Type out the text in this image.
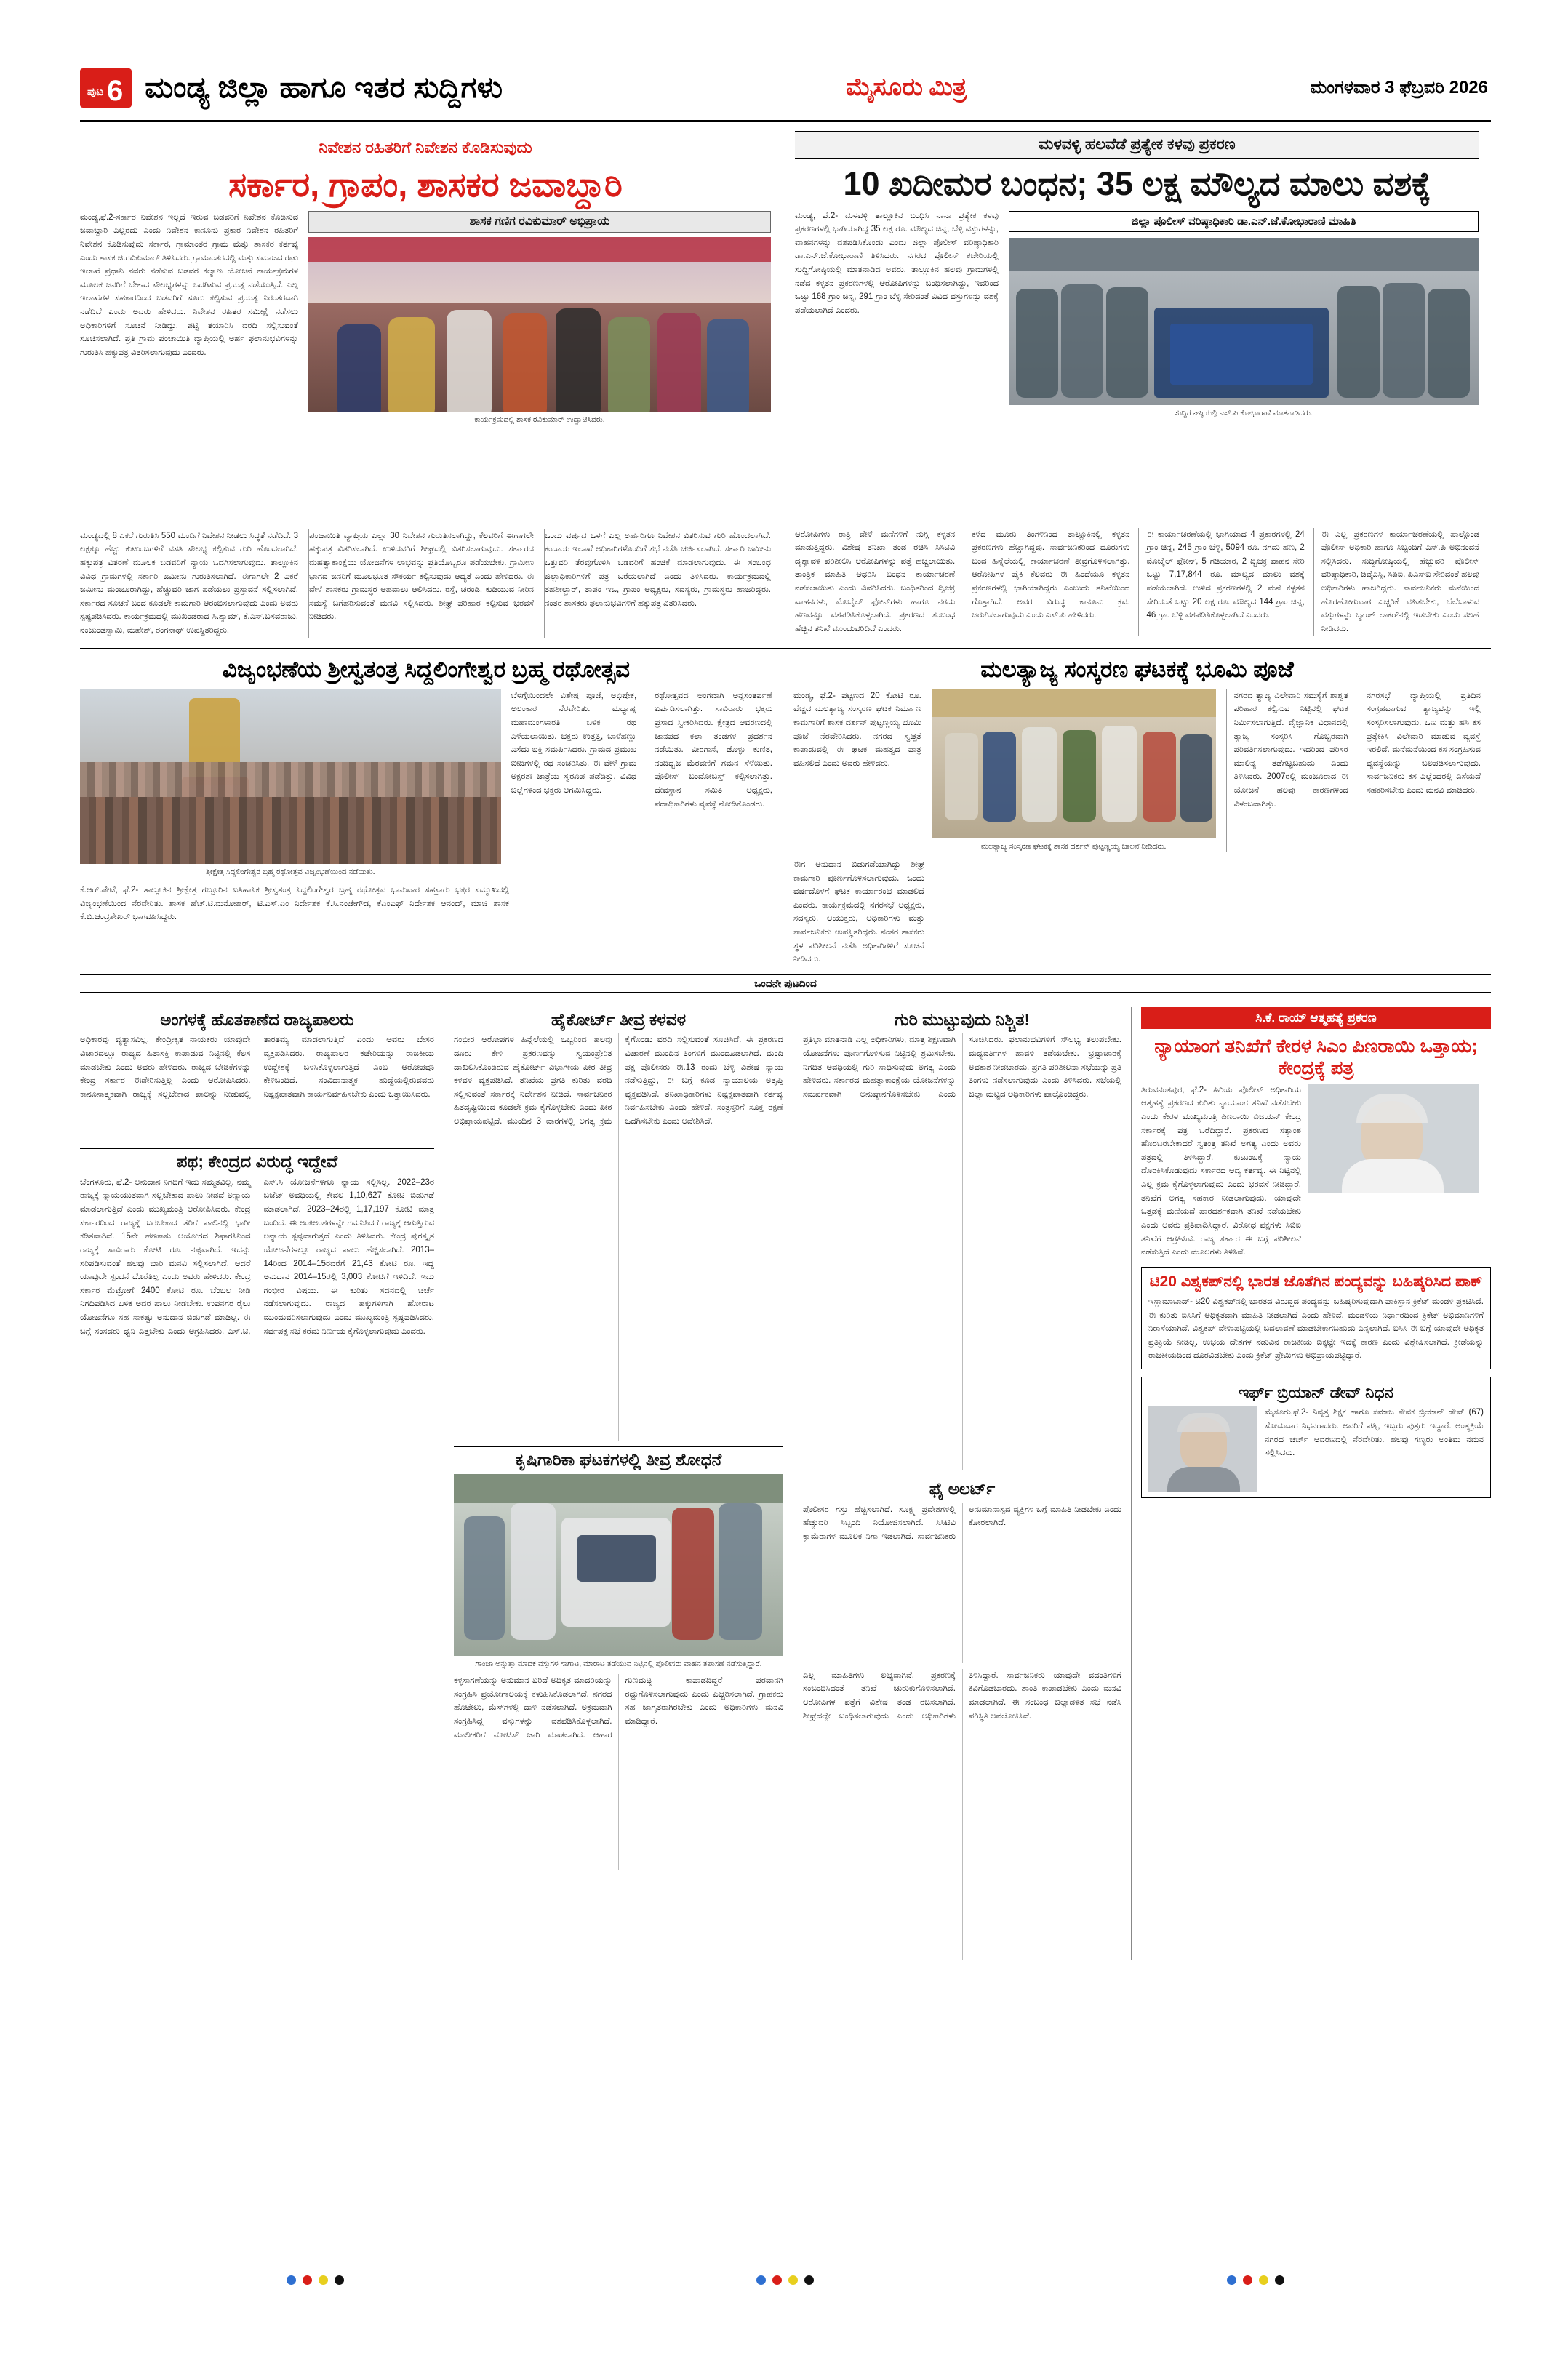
ಪುಟ 6 ಮಂಡ್ಯ ಜಿಲ್ಲಾ ಹಾಗೂ ಇತರ ಸುದ್ದಿಗಳು	ಮೈಸೂರು ಮಿತ್ರ	ಮಂಗಳವಾರ 3 ಫೆಬ್ರವರಿ 2026
ನಿವೇಶನ ರಹಿತರಿಗೆ ನಿವೇಶನ ಕೊಡಿಸುವುದು
ಸರ್ಕಾರ, ಗ್ರಾಪಂ, ಶಾಸಕರ ಜವಾಬ್ದಾರಿ
ಮಂಡ್ಯ,ಫೆ.2-ಸರ್ಕಾರ ನಿವೇಶನ ಇಲ್ಲದೆ ಇರುವ ಬಡವರಿಗೆ ನಿವೇಶನ ಕೊಡಿಸುವ ಜವಾಬ್ದಾರಿ ಎಲ್ಲರದು ಎಂದು ನಿವೇಶನ ಕಾನೂನು ಪ್ರಕಾರ ನಿವೇಶನ ರಹಿತರಿಗೆ ನಿವೇಶನ ಕೊಡಿಸುವುದು ಸರ್ಕಾರ, ಗ್ರಾಮಾಂತರ ಗ್ರಾಮ ಮತ್ತು ಶಾಸಕರ ಕರ್ತವ್ಯ ಎಂದು ಶಾಸಕ ಜಿ.ರವಿಕುಮಾರ್ ತಿಳಿಸಿದರು. ಗ್ರಾಮಾಂತರದಲ್ಲಿ ಮತ್ತು ಸಮಾಜದ ರಘು ಇಲಾಖೆ ಪ್ರಧಾನಿ ನವರು ನಡೆಸುವ ಬಡವರ ಕಲ್ಯಾಣ ಯೋಜನೆ ಕಾರ್ಯಕ್ರಮಗಳ ಮೂಲಕ ಜನರಿಗೆ ಬೇಕಾದ ಸೌಲಭ್ಯಗಳನ್ನು ಒದಗಿಸುವ ಪ್ರಯತ್ನ ನಡೆಯುತ್ತಿದೆ. ಎಲ್ಲ ಇಲಾಖೆಗಳ ಸಹಕಾರದಿಂದ ಬಡವರಿಗೆ ಸೂರು ಕಲ್ಪಿಸುವ ಪ್ರಯತ್ನ ನಿರಂತರವಾಗಿ ನಡೆದಿದೆ ಎಂದು ಅವರು ಹೇಳಿದರು. ನಿವೇಶನ ರಹಿತರ ಸಮೀಕ್ಷೆ ನಡೆಸಲು ಅಧಿಕಾರಿಗಳಿಗೆ ಸೂಚನೆ ನೀಡಿದ್ದು, ಪಟ್ಟಿ ತಯಾರಿಸಿ ವರದಿ ಸಲ್ಲಿಸುವಂತೆ ಸೂಚಿಸಲಾಗಿದೆ. ಪ್ರತಿ ಗ್ರಾಮ ಪಂಚಾಯಿತಿ ವ್ಯಾಪ್ತಿಯಲ್ಲಿ ಅರ್ಹ ಫಲಾನುಭವಿಗಳನ್ನು ಗುರುತಿಸಿ ಹಕ್ಕುಪತ್ರ ವಿತರಿಸಲಾಗುವುದು ಎಂದರು.
ಶಾಸಕ ಗಣಿಗ ರವಿಕುಮಾರ್ ಅಭಿಪ್ರಾಯ
ಕಾರ್ಯಕ್ರಮದಲ್ಲಿ ಶಾಸಕ ರವಿಕುಮಾರ್ ಉದ್ಘಾಟಿಸಿದರು.
ಮಂಡ್ಯದಲ್ಲಿ 8 ಎಕರೆ ಗುರುತಿಸಿ 550 ಮಂದಿಗೆ ನಿವೇಶನ ನೀಡಲು ಸಿದ್ಧತೆ ನಡೆದಿದೆ. 3 ಲಕ್ಷಕ್ಕೂ ಹೆಚ್ಚು ಕುಟುಂಬಗಳಿಗೆ ವಸತಿ ಸೌಲಭ್ಯ ಕಲ್ಪಿಸುವ ಗುರಿ ಹೊಂದಲಾಗಿದೆ. ಹಕ್ಕುಪತ್ರ ವಿತರಣೆ ಮೂಲಕ ಬಡವರಿಗೆ ನ್ಯಾಯ ಒದಗಿಸಲಾಗುವುದು. ತಾಲ್ಲೂಕಿನ ವಿವಿಧ ಗ್ರಾಮಗಳಲ್ಲಿ ಸರ್ಕಾರಿ ಜಮೀನು ಗುರುತಿಸಲಾಗಿದೆ. ಈಗಾಗಲೇ 2 ಎಕರೆ ಜಮೀನು ಮಂಜೂರಾಗಿದ್ದು, ಹೆಚ್ಚುವರಿ ಜಾಗ ಪಡೆಯಲು ಪ್ರಸ್ತಾವನೆ ಸಲ್ಲಿಸಲಾಗಿದೆ. ಸರ್ಕಾರದ ಸೂಚನೆ ಬಂದ ಕೂಡಲೇ ಕಾಮಗಾರಿ ಆರಂಭಿಸಲಾಗುವುದು ಎಂದು ಅವರು ಸ್ಪಷ್ಟಪಡಿಸಿದರು. ಕಾರ್ಯಕ್ರಮದಲ್ಲಿ ಮುಖಂಡರಾದ ಸಿ.ಶ್ಯಾಮ್, ಕೆ.ಎಸ್.ಬಸವರಾಜು, ನಂಜುಂಡಸ್ವಾಮಿ, ಮಹೇಶ್, ರಂಗನಾಥ್ ಉಪಸ್ಥಿತರಿದ್ದರು.
ಪಂಚಾಯಿತಿ ವ್ಯಾಪ್ತಿಯ ಎಲ್ಲಾ 30 ನಿವೇಶನ ಗುರುತಿಸಲಾಗಿದ್ದು, ಕೆಲವರಿಗೆ ಈಗಾಗಲೇ ಹಕ್ಕುಪತ್ರ ವಿತರಿಸಲಾಗಿದೆ. ಉಳಿದವರಿಗೆ ಶೀಘ್ರದಲ್ಲಿ ವಿತರಿಸಲಾಗುವುದು. ಸರ್ಕಾರದ ಮಹತ್ವಾಕಾಂಕ್ಷೆಯ ಯೋಜನೆಗಳ ಲಾಭವನ್ನು ಪ್ರತಿಯೊಬ್ಬರೂ ಪಡೆಯಬೇಕು. ಗ್ರಾಮೀಣ ಭಾಗದ ಜನರಿಗೆ ಮೂಲಭೂತ ಸೌಕರ್ಯ ಕಲ್ಪಿಸುವುದು ಆದ್ಯತೆ ಎಂದು ಹೇಳಿದರು. ಈ ವೇಳೆ ಶಾಸಕರು ಗ್ರಾಮಸ್ಥರ ಅಹವಾಲು ಆಲಿಸಿದರು. ರಸ್ತೆ, ಚರಂಡಿ, ಕುಡಿಯುವ ನೀರಿನ ಸಮಸ್ಯೆ ಬಗೆಹರಿಸುವಂತೆ ಮನವಿ ಸಲ್ಲಿಸಿದರು. ಶೀಘ್ರ ಪರಿಹಾರ ಕಲ್ಪಿಸುವ ಭರವಸೆ ನೀಡಿದರು.
ಒಂದು ವರ್ಷದ ಒಳಗೆ ಎಲ್ಲ ಅರ್ಹರಿಗೂ ನಿವೇಶನ ವಿತರಿಸುವ ಗುರಿ ಹೊಂದಲಾಗಿದೆ. ಕಂದಾಯ ಇಲಾಖೆ ಅಧಿಕಾರಿಗಳೊಂದಿಗೆ ಸಭೆ ನಡೆಸಿ ಚರ್ಚಿಸಲಾಗಿದೆ. ಸರ್ಕಾರಿ ಜಮೀನು ಒತ್ತುವರಿ ತೆರವುಗೊಳಿಸಿ ಬಡವರಿಗೆ ಹಂಚಿಕೆ ಮಾಡಲಾಗುವುದು. ಈ ಸಂಬಂಧ ಜಿಲ್ಲಾಧಿಕಾರಿಗಳಿಗೆ ಪತ್ರ ಬರೆಯಲಾಗಿದೆ ಎಂದು ತಿಳಿಸಿದರು. ಕಾರ್ಯಕ್ರಮದಲ್ಲಿ ತಹಶೀಲ್ದಾರ್, ತಾಪಂ ಇಒ, ಗ್ರಾಪಂ ಅಧ್ಯಕ್ಷರು, ಸದಸ್ಯರು, ಗ್ರಾಮಸ್ಥರು ಹಾಜರಿದ್ದರು. ನಂತರ ಶಾಸಕರು ಫಲಾನುಭವಿಗಳಿಗೆ ಹಕ್ಕುಪತ್ರ ವಿತರಿಸಿದರು.
ಮಳವಳ್ಳಿ ಹಲವೆಡೆ ಪ್ರತ್ಯೇಕ ಕಳವು ಪ್ರಕರಣ
10 ಖದೀಮರ ಬಂಧನ; 35 ಲಕ್ಷ ಮೌಲ್ಯದ ಮಾಲು ವಶಕ್ಕೆ
ಮಂಡ್ಯ, ಫೆ.2- ಮಳವಳ್ಳಿ ತಾಲ್ಲೂಕಿನ ಬಂಧಿಸಿ ನಾನಾ ಪ್ರತ್ಯೇಕ ಕಳವು ಪ್ರಕರಣಗಳಲ್ಲಿ ಭಾಗಿಯಾಗಿದ್ದ 35 ಲಕ್ಷ ರೂ. ಮೌಲ್ಯದ ಚಿನ್ನ, ಬೆಳ್ಳಿ ವಸ್ತುಗಳನ್ನು, ವಾಹನಗಳನ್ನು ವಶಪಡಿಸಿಕೊಂಡು ಎಂದು ಜಿಲ್ಲಾ ಪೊಲೀಸ್ ವರಿಷ್ಠಾಧಿಕಾರಿ ಡಾ.ಎನ್.ಜೆ.ಕೋಭಾರಾಣಿ ತಿಳಿಸಿದರು. ನಗರದ ಪೊಲೀಸ್ ಕಚೇರಿಯಲ್ಲಿ ಸುದ್ದಿಗೋಷ್ಠಿಯಲ್ಲಿ ಮಾತನಾಡಿದ ಅವರು, ತಾಲ್ಲೂಕಿನ ಹಲವು ಗ್ರಾಮಗಳಲ್ಲಿ ನಡೆದ ಕಳ್ಳತನ ಪ್ರಕರಣಗಳಲ್ಲಿ ಆರೋಪಿಗಳನ್ನು ಬಂಧಿಸಲಾಗಿದ್ದು, ಇವರಿಂದ ಒಟ್ಟು 168 ಗ್ರಾಂ ಚಿನ್ನ, 291 ಗ್ರಾಂ ಬೆಳ್ಳಿ ಸೇರಿದಂತೆ ವಿವಿಧ ವಸ್ತುಗಳನ್ನು ವಶಕ್ಕೆ ಪಡೆಯಲಾಗಿದೆ ಎಂದರು.
ಜಿಲ್ಲಾ ಪೊಲೀಸ್ ವರಿಷ್ಠಾಧಿಕಾರಿ ಡಾ.ಎನ್.ಜೆ.ಕೋಭಾರಾಣಿ ಮಾಹಿತಿ
ಸುದ್ದಿಗೋಷ್ಠಿಯಲ್ಲಿ ಎಸ್.ಪಿ ಕೋಭಾರಾಣಿ ಮಾತನಾಡಿದರು.
ಆರೋಪಿಗಳು ರಾತ್ರಿ ವೇಳೆ ಮನೆಗಳಿಗೆ ನುಗ್ಗಿ ಕಳ್ಳತನ ಮಾಡುತ್ತಿದ್ದರು. ವಿಶೇಷ ತನಿಖಾ ತಂಡ ರಚಿಸಿ ಸಿಸಿಟಿವಿ ದೃಶ್ಯಾವಳಿ ಪರಿಶೀಲಿಸಿ ಆರೋಪಿಗಳನ್ನು ಪತ್ತೆ ಹಚ್ಚಲಾಯಿತು. ತಾಂತ್ರಿಕ ಮಾಹಿತಿ ಆಧರಿಸಿ ಬಂಧನ ಕಾರ್ಯಾಚರಣೆ ನಡೆಸಲಾಯಿತು ಎಂದು ವಿವರಿಸಿದರು. ಬಂಧಿತರಿಂದ ದ್ವಿಚಕ್ರ ವಾಹನಗಳು, ಮೊಬೈಲ್ ಫೋನ್‌ಗಳು ಹಾಗೂ ನಗದು ಹಣವನ್ನೂ ವಶಪಡಿಸಿಕೊಳ್ಳಲಾಗಿದೆ. ಪ್ರಕರಣದ ಸಂಬಂಧ ಹೆಚ್ಚಿನ ತನಿಖೆ ಮುಂದುವರಿದಿದೆ ಎಂದರು.
ಕಳೆದ ಮೂರು ತಿಂಗಳಿನಿಂದ ತಾಲ್ಲೂಕಿನಲ್ಲಿ ಕಳ್ಳತನ ಪ್ರಕರಣಗಳು ಹೆಚ್ಚಾಗಿದ್ದವು. ಸಾರ್ವಜನಿಕರಿಂದ ದೂರುಗಳು ಬಂದ ಹಿನ್ನೆಲೆಯಲ್ಲಿ ಕಾರ್ಯಾಚರಣೆ ತೀವ್ರಗೊಳಿಸಲಾಗಿತ್ತು. ಆರೋಪಿಗಳ ಪೈಕಿ ಕೆಲವರು ಈ ಹಿಂದೆಯೂ ಕಳ್ಳತನ ಪ್ರಕರಣಗಳಲ್ಲಿ ಭಾಗಿಯಾಗಿದ್ದರು ಎಂಬುದು ತನಿಖೆಯಿಂದ ಗೊತ್ತಾಗಿದೆ. ಅವರ ವಿರುದ್ಧ ಕಾನೂನು ಕ್ರಮ ಜರುಗಿಸಲಾಗುವುದು ಎಂದು ಎಸ್.ಪಿ ಹೇಳಿದರು.
ಈ ಕಾರ್ಯಾಚರಣೆಯಲ್ಲಿ ಭಾಗಿಯಾದ 4 ಪ್ರಕಾರಗಳಲ್ಲಿ 24 ಗ್ರಾಂ ಚಿನ್ನ, 245 ಗ್ರಾಂ ಬೆಳ್ಳಿ, 5094 ರೂ. ನಗದು ಹಣ, 2 ಮೊಬೈಲ್ ಫೋನ್, 5 ಗಡಿಯಾರ, 2 ದ್ವಿಚಕ್ರ ವಾಹನ ಸೇರಿ ಒಟ್ಟು 7,17,844 ರೂ. ಮೌಲ್ಯದ ಮಾಲು ವಶಕ್ಕೆ ಪಡೆಯಲಾಗಿದೆ. ಉಳಿದ ಪ್ರಕರಣಗಳಲ್ಲಿ 2 ಮನೆ ಕಳ್ಳತನ ಸೇರಿದಂತೆ ಒಟ್ಟು 20 ಲಕ್ಷ ರೂ. ಮೌಲ್ಯದ 144 ಗ್ರಾಂ ಚಿನ್ನ, 46 ಗ್ರಾಂ ಬೆಳ್ಳಿ ವಶಪಡಿಸಿಕೊಳ್ಳಲಾಗಿದೆ ಎಂದರು.
ಈ ಎಲ್ಲ ಪ್ರಕರಣಗಳ ಕಾರ್ಯಾಚರಣೆಯಲ್ಲಿ ಪಾಲ್ಗೊಂಡ ಪೊಲೀಸ್ ಅಧಿಕಾರಿ ಹಾಗೂ ಸಿಬ್ಬಂದಿಗೆ ಎಸ್.ಪಿ ಅಭಿನಂದನೆ ಸಲ್ಲಿಸಿದರು. ಸುದ್ದಿಗೋಷ್ಠಿಯಲ್ಲಿ ಹೆಚ್ಚುವರಿ ಪೊಲೀಸ್ ವರಿಷ್ಠಾಧಿಕಾರಿ, ಡಿವೈಎಸ್ಪಿ, ಸಿಪಿಐ, ಪಿಎಸ್ಐ ಸೇರಿದಂತೆ ಹಲವು ಅಧಿಕಾರಿಗಳು ಹಾಜರಿದ್ದರು. ಸಾರ್ವಜನಿಕರು ಮನೆಯಿಂದ ಹೊರಹೋಗುವಾಗ ಎಚ್ಚರಿಕೆ ವಹಿಸಬೇಕು, ಬೆಲೆಬಾಳುವ ವಸ್ತುಗಳನ್ನು ಬ್ಯಾಂಕ್ ಲಾಕರ್‌ನಲ್ಲಿ ಇಡಬೇಕು ಎಂದು ಸಲಹೆ ನೀಡಿದರು.
ವಿಜೃಂಭಣೆಯ ಶ್ರೀಸ್ವತಂತ್ರ ಸಿದ್ದಲಿಂಗೇಶ್ವರ ಬ್ರಹ್ಮ ರಥೋತ್ಸವ
ಶ್ರೀಕ್ಷೇತ್ರ ಸಿದ್ದಲಿಂಗೇಶ್ವರ ಬ್ರಹ್ಮ ರಥೋತ್ಸವ ವಿಜೃಂಭಣೆಯಿಂದ ನಡೆಯಿತು.
ಬೆಳಗ್ಗೆಯಿಂದಲೇ ವಿಶೇಷ ಪೂಜೆ, ಅಭಿಷೇಕ, ಅಲಂಕಾರ ನೆರವೇರಿತು. ಮಧ್ಯಾಹ್ನ ಮಹಾಮಂಗಳಾರತಿ ಬಳಿಕ ರಥ ಎಳೆಯಲಾಯಿತು. ಭಕ್ತರು ಉತ್ತತ್ತಿ, ಬಾಳೆಹಣ್ಣು ಎಸೆದು ಭಕ್ತಿ ಸಮರ್ಪಿಸಿದರು. ಗ್ರಾಮದ ಪ್ರಮುಖ ಬೀದಿಗಳಲ್ಲಿ ರಥ ಸಂಚರಿಸಿತು. ಈ ವೇಳೆ ಗ್ರಾಮ ಅಕ್ಷರಶಃ ಜಾತ್ರೆಯ ಸ್ವರೂಪ ಪಡೆದಿತ್ತು. ವಿವಿಧ ಜಿಲ್ಲೆಗಳಿಂದ ಭಕ್ತರು ಆಗಮಿಸಿದ್ದರು.
ರಥೋತ್ಸವದ ಅಂಗವಾಗಿ ಅನ್ನಸಂತರ್ಪಣೆ ಏರ್ಪಡಿಸಲಾಗಿತ್ತು. ಸಾವಿರಾರು ಭಕ್ತರು ಪ್ರಸಾದ ಸ್ವೀಕರಿಸಿದರು. ಕ್ಷೇತ್ರದ ಆವರಣದಲ್ಲಿ ಜಾನಪದ ಕಲಾ ತಂಡಗಳ ಪ್ರದರ್ಶನ ನಡೆಯಿತು. ವೀರಗಾಸೆ, ಡೊಳ್ಳು ಕುಣಿತ, ನಂದಿಧ್ವಜ ಮೆರವಣಿಗೆ ಗಮನ ಸೆಳೆಯಿತು. ಪೊಲೀಸ್ ಬಂದೋಬಸ್ತ್ ಕಲ್ಪಿಸಲಾಗಿತ್ತು. ದೇವಸ್ಥಾನ ಸಮಿತಿ ಅಧ್ಯಕ್ಷರು, ಪದಾಧಿಕಾರಿಗಳು ವ್ಯವಸ್ಥೆ ನೋಡಿಕೊಂಡರು.
ಕೆ.ಆರ್.ಪೇಟೆ, ಫೆ.2- ತಾಲ್ಲೂಕಿನ ಶ್ರೀಕ್ಷೇತ್ರ ಗಬ್ಬೂರಿನ ಐತಿಹಾಸಿಕ ಶ್ರೀಸ್ವತಂತ್ರ ಸಿದ್ದಲಿಂಗೇಶ್ವರ ಬ್ರಹ್ಮ ರಥೋತ್ಸವ ಭಾನುವಾರ ಸಹಸ್ರಾರು ಭಕ್ತರ ಸಮ್ಮುಖದಲ್ಲಿ ವಿಜೃಂಭಣೆಯಿಂದ ನೆರವೇರಿತು. ಶಾಸಕ ಹೆಚ್.ಟಿ.ಮನೋಹರ್, ಟಿ.ಎಸ್.ಎಂ ನಿರ್ದೇಶಕ ಕೆ.ಸಿ.ನಂಜೇಗೌಡ, ಕೆಎಂಎಫ್ ನಿರ್ದೇಶಕ ಆನಂದ್, ಮಾಜಿ ಶಾಸಕ ಕೆ.ಬಿ.ಚಂದ್ರಶೇಖರ್ ಭಾಗವಹಿಸಿದ್ದರು.
ಮಲತ್ಯಾಜ್ಯ ಸಂಸ್ಕರಣ ಘಟಕಕ್ಕೆ ಭೂಮಿ ಪೂಜೆ
ಮಂಡ್ಯ, ಫೆ.2- ಪಟ್ಟಣದ 20 ಕೋಟಿ ರೂ. ವೆಚ್ಚದ ಮಲತ್ಯಾಜ್ಯ ಸಂಸ್ಕರಣ ಘಟಕ ನಿರ್ಮಾಣ ಕಾಮಗಾರಿಗೆ ಶಾಸಕ ದರ್ಶನ್ ಪುಟ್ಟಣ್ಣಯ್ಯ ಭೂಮಿ ಪೂಜೆ ನೆರವೇರಿಸಿದರು. ನಗರದ ಸ್ವಚ್ಛತೆ ಕಾಪಾಡುವಲ್ಲಿ ಈ ಘಟಕ ಮಹತ್ವದ ಪಾತ್ರ ವಹಿಸಲಿದೆ ಎಂದು ಅವರು ಹೇಳಿದರು.
ಮಲತ್ಯಾಜ್ಯ ಸಂಸ್ಕರಣ ಘಟಕಕ್ಕೆ ಶಾಸಕ ದರ್ಶನ್ ಪುಟ್ಟಣ್ಣಯ್ಯ ಚಾಲನೆ ನೀಡಿದರು.
ನಗರದ ತ್ಯಾಜ್ಯ ವಿಲೇವಾರಿ ಸಮಸ್ಯೆಗೆ ಶಾಶ್ವತ ಪರಿಹಾರ ಕಲ್ಪಿಸುವ ನಿಟ್ಟಿನಲ್ಲಿ ಘಟಕ ನಿರ್ಮಿಸಲಾಗುತ್ತಿದೆ. ವೈಜ್ಞಾನಿಕ ವಿಧಾನದಲ್ಲಿ ತ್ಯಾಜ್ಯ ಸಂಸ್ಕರಿಸಿ ಗೊಬ್ಬರವಾಗಿ ಪರಿವರ್ತಿಸಲಾಗುವುದು. ಇದರಿಂದ ಪರಿಸರ ಮಾಲಿನ್ಯ ತಡೆಗಟ್ಟಬಹುದು ಎಂದು ತಿಳಿಸಿದರು. 2007ರಲ್ಲಿ ಮಂಜೂರಾದ ಈ ಯೋಜನೆ ಹಲವು ಕಾರಣಗಳಿಂದ ವಿಳಂಬವಾಗಿತ್ತು.
ನಗರಸಭೆ ವ್ಯಾಪ್ತಿಯಲ್ಲಿ ಪ್ರತಿದಿನ ಸಂಗ್ರಹವಾಗುವ ತ್ಯಾಜ್ಯವನ್ನು ಇಲ್ಲಿ ಸಂಸ್ಕರಿಸಲಾಗುವುದು. ಒಣ ಮತ್ತು ಹಸಿ ಕಸ ಪ್ರತ್ಯೇಕಿಸಿ ವಿಲೇವಾರಿ ಮಾಡುವ ವ್ಯವಸ್ಥೆ ಇರಲಿದೆ. ಮನೆಮನೆಯಿಂದ ಕಸ ಸಂಗ್ರಹಿಸುವ ವ್ಯವಸ್ಥೆಯನ್ನು ಬಲಪಡಿಸಲಾಗುವುದು. ಸಾರ್ವಜನಿಕರು ಕಸ ಎಲ್ಲೆಂದರಲ್ಲಿ ಎಸೆಯದೆ ಸಹಕರಿಸಬೇಕು ಎಂದು ಮನವಿ ಮಾಡಿದರು.
ಈಗ ಅನುದಾನ ಬಿಡುಗಡೆಯಾಗಿದ್ದು ಶೀಘ್ರ ಕಾಮಗಾರಿ ಪೂರ್ಣಗೊಳಿಸಲಾಗುವುದು. ಒಂದು ವರ್ಷದೊಳಗೆ ಘಟಕ ಕಾರ್ಯಾರಂಭ ಮಾಡಲಿದೆ ಎಂದರು. ಕಾರ್ಯಕ್ರಮದಲ್ಲಿ ನಗರಸಭೆ ಅಧ್ಯಕ್ಷರು, ಸದಸ್ಯರು, ಆಯುಕ್ತರು, ಅಧಿಕಾರಿಗಳು ಮತ್ತು ಸಾರ್ವಜನಿಕರು ಉಪಸ್ಥಿತರಿದ್ದರು. ನಂತರ ಶಾಸಕರು ಸ್ಥಳ ಪರಿಶೀಲನೆ ನಡೆಸಿ ಅಧಿಕಾರಿಗಳಿಗೆ ಸೂಚನೆ ನೀಡಿದರು.
ಒಂದನೇ ಪುಟದಿಂದ
ಅಂಗಳಕ್ಕೆ ಹೊತಕಾಣೆದ ರಾಜ್ಯಪಾಲರು
ಅಧಿಕಾರವು ವ್ಯತ್ಯಾಸವಿಲ್ಲ. ಕೇಂದ್ರೀಕೃತ ನಾಯಕರು ಯಾವುದೇ ವಿಚಾರದಲ್ಲೂ ರಾಜ್ಯದ ಹಿತಾಸಕ್ತಿ ಕಾಪಾಡುವ ನಿಟ್ಟಿನಲ್ಲಿ ಕೆಲಸ ಮಾಡಬೇಕು ಎಂದು ಅವರು ಹೇಳಿದರು. ರಾಜ್ಯದ ಬೇಡಿಕೆಗಳನ್ನು ಕೇಂದ್ರ ಸರ್ಕಾರ ಈಡೇರಿಸುತ್ತಿಲ್ಲ ಎಂದು ಆರೋಪಿಸಿದರು. ಕಾನೂನಾತ್ಮಕವಾಗಿ ರಾಜ್ಯಕ್ಕೆ ಸಲ್ಲಬೇಕಾದ ಪಾಲನ್ನು ನೀಡುವಲ್ಲಿ ತಾರತಮ್ಯ ಮಾಡಲಾಗುತ್ತಿದೆ ಎಂದು ಅವರು ಬೇಸರ ವ್ಯಕ್ತಪಡಿಸಿದರು. ರಾಜ್ಯಪಾಲರ ಕಚೇರಿಯನ್ನು ರಾಜಕೀಯ ಉದ್ದೇಶಕ್ಕೆ ಬಳಸಿಕೊಳ್ಳಲಾಗುತ್ತಿದೆ ಎಂಬ ಆರೋಪವೂ ಕೇಳಿಬಂದಿದೆ. ಸಂವಿಧಾನಾತ್ಮಕ ಹುದ್ದೆಯಲ್ಲಿರುವವರು ನಿಷ್ಪಕ್ಷಪಾತವಾಗಿ ಕಾರ್ಯನಿರ್ವಹಿಸಬೇಕು ಎಂದು ಒತ್ತಾಯಿಸಿದರು.
ಪಥ; ಕೇಂದ್ರದ ವಿರುದ್ಧ ಇದ್ದೇವೆ
ಬೆಂಗಳೂರು, ಫೆ.2- ಅನುದಾನ ನಿಗದಿಗೆ ಇದು ಸಮ್ಮತವಿಲ್ಲ. ನಮ್ಮ ರಾಜ್ಯಕ್ಕೆ ನ್ಯಾಯಯುತವಾಗಿ ಸಲ್ಲಬೇಕಾದ ಪಾಲು ನೀಡದೆ ಅನ್ಯಾಯ ಮಾಡಲಾಗುತ್ತಿದೆ ಎಂದು ಮುಖ್ಯಮಂತ್ರಿ ಆರೋಪಿಸಿದರು. ಕೇಂದ್ರ ಸರ್ಕಾರದಿಂದ ರಾಜ್ಯಕ್ಕೆ ಬರಬೇಕಾದ ತೆರಿಗೆ ಪಾಲಿನಲ್ಲಿ ಭಾರೀ ಕಡಿತವಾಗಿದೆ. 15ನೇ ಹಣಕಾಸು ಆಯೋಗದ ಶಿಫಾರಸಿನಿಂದ ರಾಜ್ಯಕ್ಕೆ ಸಾವಿರಾರು ಕೋಟಿ ರೂ. ನಷ್ಟವಾಗಿದೆ. ಇದನ್ನು ಸರಿಪಡಿಸುವಂತೆ ಹಲವು ಬಾರಿ ಮನವಿ ಸಲ್ಲಿಸಲಾಗಿದೆ. ಆದರೆ ಯಾವುದೇ ಸ್ಪಂದನೆ ದೊರೆತಿಲ್ಲ ಎಂದು ಅವರು ಹೇಳಿದರು. ಕೇಂದ್ರ ಸರ್ಕಾರ ಮೆಟ್ರೋಗೆ 2400 ಕೋಟಿ ರೂ. ಬೆಂಬಲ ನೀಡಿ ನಿಗದಿಪಡಿಸಿದ ಬಳಿಕ ಅದರ ಪಾಲು ನೀಡಬೇಕು. ಉಪನಗರ ರೈಲು ಯೋಜನೆಗೂ ಸಹ ಸಾಕಷ್ಟು ಅನುದಾನ ಬಿಡುಗಡೆ ಮಾಡಿಲ್ಲ. ಈ ಬಗ್ಗೆ ಸಂಸದರು ಧ್ವನಿ ಎತ್ತಬೇಕು ಎಂದು ಆಗ್ರಹಿಸಿದರು. ಎಸ್.ಟಿ, ಎಸ್.ಸಿ ಯೋಜನೆಗಳಿಗೂ ನ್ಯಾಯ ಸಲ್ಲಿಸಿಲ್ಲ. 2022–23ರ ಬಜೆಟ್ ಅವಧಿಯಲ್ಲಿ ಕೇವಲ 1,10,627 ಕೋಟಿ ಬಿಡುಗಡೆ ಮಾಡಲಾಗಿದೆ. 2023–24ರಲ್ಲಿ 1,17,197 ಕೋಟಿ ಮಾತ್ರ ಬಂದಿದೆ. ಈ ಅಂಕಿಅಂಶಗಳನ್ನೇ ಗಮನಿಸಿದರೆ ರಾಜ್ಯಕ್ಕೆ ಆಗುತ್ತಿರುವ ಅನ್ಯಾಯ ಸ್ಪಷ್ಟವಾಗುತ್ತದೆ ಎಂದು ತಿಳಿಸಿದರು. ಕೇಂದ್ರ ಪುರಸ್ಕೃತ ಯೋಜನೆಗಳಲ್ಲೂ ರಾಜ್ಯದ ಪಾಲು ಹೆಚ್ಚಿಸಲಾಗಿದೆ. 2013–14ರಿಂದ 2014–15ರವರೆಗೆ 21,43 ಕೋಟಿ ರೂ. ಇದ್ದ ಅನುದಾನ 2014–15ರಲ್ಲಿ 3,003 ಕೋಟಿಗೆ ಇಳಿದಿದೆ. ಇದು ಗಂಭೀರ ವಿಷಯ. ಈ ಕುರಿತು ಸದನದಲ್ಲಿ ಚರ್ಚೆ ನಡೆಸಲಾಗುವುದು. ರಾಜ್ಯದ ಹಕ್ಕುಗಳಿಗಾಗಿ ಹೋರಾಟ ಮುಂದುವರಿಸಲಾಗುವುದು ಎಂದು ಮುಖ್ಯಮಂತ್ರಿ ಸ್ಪಷ್ಟಪಡಿಸಿದರು. ಸರ್ವಪಕ್ಷ ಸಭೆ ಕರೆದು ನಿರ್ಣಯ ಕೈಗೊಳ್ಳಲಾಗುವುದು ಎಂದರು.
ಹೈಕೋರ್ಟ್ ತೀವ್ರ ಕಳವಳ
ಗಂಭೀರ ಆರೋಪಗಳ ಹಿನ್ನೆಲೆಯಲ್ಲಿ ಒಬ್ಬರಿಂದ ಹಲವು ದೂರು ಕೇಳಿ ಪ್ರಕರಣವನ್ನು ಸ್ವಯಂಪ್ರೇರಿತ ದಾಖಲಿಸಿಕೊಂಡಿರುವ ಹೈಕೋರ್ಟ್ ವಿಭಾಗೀಯ ಪೀಠ ತೀವ್ರ ಕಳವಳ ವ್ಯಕ್ತಪಡಿಸಿದೆ. ತನಿಖೆಯ ಪ್ರಗತಿ ಕುರಿತು ವರದಿ ಸಲ್ಲಿಸುವಂತೆ ಸರ್ಕಾರಕ್ಕೆ ನಿರ್ದೇಶನ ನೀಡಿದೆ. ಸಾರ್ವಜನಿಕರ ಹಿತದೃಷ್ಟಿಯಿಂದ ಕೂಡಲೇ ಕ್ರಮ ಕೈಗೊಳ್ಳಬೇಕು ಎಂದು ಪೀಠ ಅಭಿಪ್ರಾಯಪಟ್ಟಿದೆ. ಮುಂದಿನ 3 ವಾರಗಳಲ್ಲಿ ಅಗತ್ಯ ಕ್ರಮ ಕೈಗೊಂಡು ವರದಿ ಸಲ್ಲಿಸುವಂತೆ ಸೂಚಿಸಿದೆ. ಈ ಪ್ರಕರಣದ ವಿಚಾರಣೆ ಮುಂದಿನ ತಿಂಗಳಿಗೆ ಮುಂದೂಡಲಾಗಿದೆ. ಮಂದಿ ಪಕ್ಷ ಪೊಲೀಸರು ಈ.13 ರಂದು ಬೆಳ್ಳಿ ವಿಶೇಷ ನ್ಯಾಯ ನಡೆಸುತ್ತಿದ್ದು, ಈ ಬಗ್ಗೆ ಕೂಡ ನ್ಯಾಯಾಲಯ ಅತೃಪ್ತಿ ವ್ಯಕ್ತಪಡಿಸಿದೆ. ತನಿಖಾಧಿಕಾರಿಗಳು ನಿಷ್ಪಕ್ಷಪಾತವಾಗಿ ಕರ್ತವ್ಯ ನಿರ್ವಹಿಸಬೇಕು ಎಂದು ಹೇಳಿದೆ. ಸಂತ್ರಸ್ತರಿಗೆ ಸೂಕ್ತ ರಕ್ಷಣೆ ಒದಗಿಸಬೇಕು ಎಂದು ಆದೇಶಿಸಿದೆ.
ಕೃಷಿಗಾರಿಕಾ ಘಟಕಗಳಲ್ಲಿ ತೀವ್ರ ಶೋಧನೆ
ಗಾಂಜಾ ಅನ್ನುತ್ತಾ ಮಾದಕ ವಸ್ತುಗಳ ಸಾಗಾಟ, ಮಾರಾಟ ತಡೆಯುವ ನಿಟ್ಟಿನಲ್ಲಿ ಪೊಲೀಸರು ವಾಹನ ತಪಾಸಣೆ ನಡೆಸುತ್ತಿದ್ದಾರೆ.
ಕಳ್ಳಸಾಗಣೆಯನ್ನು ಅನುಮಾನ ಏರಿದೆ ಅಧಿಕೃತ ಮಾದರಿಯನ್ನು ಸಂಗ್ರಹಿಸಿ ಪ್ರಯೋಗಾಲಯಕ್ಕೆ ಕಳುಹಿಸಿಕೊಡಲಾಗಿದೆ. ನಗರದ ಹೊಟೇಲು, ಮೆಸ್‌ಗಳಲ್ಲಿ ದಾಳಿ ನಡೆಸಲಾಗಿದೆ. ಅಕ್ರಮವಾಗಿ ಸಂಗ್ರಹಿಸಿದ್ದ ವಸ್ತುಗಳನ್ನು ವಶಪಡಿಸಿಕೊಳ್ಳಲಾಗಿದೆ. ಮಾಲೀಕರಿಗೆ ನೋಟಿಸ್ ಜಾರಿ ಮಾಡಲಾಗಿದೆ. ಆಹಾರ ಗುಣಮಟ್ಟ ಕಾಪಾಡದಿದ್ದರೆ ಪರವಾನಗಿ ರದ್ದುಗೊಳಿಸಲಾಗುವುದು ಎಂದು ಎಚ್ಚರಿಸಲಾಗಿದೆ. ಗ್ರಾಹಕರು ಸಹ ಜಾಗೃತರಾಗಿರಬೇಕು ಎಂದು ಅಧಿಕಾರಿಗಳು ಮನವಿ ಮಾಡಿದ್ದಾರೆ.
ಗುರಿ ಮುಟ್ಟುವುದು ನಿಶ್ಚಿತ!
ಪ್ರತಿಭಾ ಮಾತನಾಡಿ ಎಲ್ಲ ಅಧಿಕಾರಿಗಳು, ಮಾತ್ರ ಶಿಕ್ಷಣವಾಗಿ ಯೋಜನೆಗಳು ಪೂರ್ಣಗೊಳಿಸುವ ನಿಟ್ಟಿನಲ್ಲಿ ಶ್ರಮಿಸಬೇಕು. ನಿಗದಿತ ಅವಧಿಯಲ್ಲಿ ಗುರಿ ಸಾಧಿಸುವುದು ಅಗತ್ಯ ಎಂದು ಹೇಳಿದರು. ಸರ್ಕಾರದ ಮಹತ್ವಾಕಾಂಕ್ಷೆಯ ಯೋಜನೆಗಳನ್ನು ಸಮರ್ಪಕವಾಗಿ ಅನುಷ್ಠಾನಗೊಳಿಸಬೇಕು ಎಂದು ಸೂಚಿಸಿದರು. ಫಲಾನುಭವಿಗಳಿಗೆ ಸೌಲಭ್ಯ ತಲುಪಬೇಕು. ಮಧ್ಯವರ್ತಿಗಳ ಹಾವಳಿ ತಡೆಯಬೇಕು. ಭ್ರಷ್ಟಾಚಾರಕ್ಕೆ ಅವಕಾಶ ನೀಡಬಾರದು. ಪ್ರಗತಿ ಪರಿಶೀಲನಾ ಸಭೆಯನ್ನು ಪ್ರತಿ ತಿಂಗಳು ನಡೆಸಲಾಗುವುದು ಎಂದು ತಿಳಿಸಿದರು. ಸಭೆಯಲ್ಲಿ ಜಿಲ್ಲಾ ಮಟ್ಟದ ಅಧಿಕಾರಿಗಳು ಪಾಲ್ಗೊಂಡಿದ್ದರು.
ಫೈ ಅಲರ್ಟ್
ಪೊಲೀಸರ ಗಸ್ತು ಹೆಚ್ಚಿಸಲಾಗಿದೆ. ಸೂಕ್ಷ್ಮ ಪ್ರದೇಶಗಳಲ್ಲಿ ಹೆಚ್ಚುವರಿ ಸಿಬ್ಬಂದಿ ನಿಯೋಜಿಸಲಾಗಿದೆ. ಸಿಸಿಟಿವಿ ಕ್ಯಾಮೆರಾಗಳ ಮೂಲಕ ನಿಗಾ ಇಡಲಾಗಿದೆ. ಸಾರ್ವಜನಿಕರು ಅನುಮಾನಾಸ್ಪದ ವ್ಯಕ್ತಿಗಳ ಬಗ್ಗೆ ಮಾಹಿತಿ ನೀಡಬೇಕು ಎಂದು ಕೋರಲಾಗಿದೆ.
ಎಲ್ಲ ಮಾಹಿತಿಗಳು ಲಭ್ಯವಾಗಿವೆ. ಪ್ರಕರಣಕ್ಕೆ ಸಂಬಂಧಿಸಿದಂತೆ ತನಿಖೆ ಚುರುಕುಗೊಳಿಸಲಾಗಿದೆ. ಆರೋಪಿಗಳ ಪತ್ತೆಗೆ ವಿಶೇಷ ತಂಡ ರಚಿಸಲಾಗಿದೆ. ಶೀಘ್ರದಲ್ಲೇ ಬಂಧಿಸಲಾಗುವುದು ಎಂದು ಅಧಿಕಾರಿಗಳು ತಿಳಿಸಿದ್ದಾರೆ. ಸಾರ್ವಜನಿಕರು ಯಾವುದೇ ವದಂತಿಗಳಿಗೆ ಕಿವಿಗೊಡಬಾರದು. ಶಾಂತಿ ಕಾಪಾಡಬೇಕು ಎಂದು ಮನವಿ ಮಾಡಲಾಗಿದೆ. ಈ ಸಂಬಂಧ ಜಿಲ್ಲಾಡಳಿತ ಸಭೆ ನಡೆಸಿ ಪರಿಸ್ಥಿತಿ ಅವಲೋಕಿಸಿದೆ.
ಸಿ.ಕೆ. ರಾಯ್ ಆತ್ಮಹತ್ಯೆ ಪ್ರಕರಣ
ನ್ಯಾಯಾಂಗ ತನಿಖೆಗೆ ಕೇರಳ ಸಿಎಂ ಪಿಣರಾಯಿ ಒತ್ತಾಯ; ಕೇಂದ್ರಕ್ಕೆ ಪತ್ರ
ತಿರುವನಂತಪುರ, ಫೆ.2- ಹಿರಿಯ ಪೊಲೀಸ್ ಅಧಿಕಾರಿಯ ಆತ್ಮಹತ್ಯೆ ಪ್ರಕರಣದ ಕುರಿತು ನ್ಯಾಯಾಂಗ ತನಿಖೆ ನಡೆಸಬೇಕು ಎಂದು ಕೇರಳ ಮುಖ್ಯಮಂತ್ರಿ ಪಿಣರಾಯಿ ವಿಜಯನ್ ಕೇಂದ್ರ ಸರ್ಕಾರಕ್ಕೆ ಪತ್ರ ಬರೆದಿದ್ದಾರೆ. ಪ್ರಕರಣದ ಸತ್ಯಾಂಶ ಹೊರಬರಬೇಕಾದರೆ ಸ್ವತಂತ್ರ ತನಿಖೆ ಅಗತ್ಯ ಎಂದು ಅವರು ಪತ್ರದಲ್ಲಿ ತಿಳಿಸಿದ್ದಾರೆ. ಕುಟುಂಬಕ್ಕೆ ನ್ಯಾಯ ದೊರಕಿಸಿಕೊಡುವುದು ಸರ್ಕಾರದ ಆದ್ಯ ಕರ್ತವ್ಯ. ಈ ನಿಟ್ಟಿನಲ್ಲಿ ಎಲ್ಲ ಕ್ರಮ ಕೈಗೊಳ್ಳಲಾಗುವುದು ಎಂದು ಭರವಸೆ ನೀಡಿದ್ದಾರೆ. ತನಿಖೆಗೆ ಅಗತ್ಯ ಸಹಕಾರ ನೀಡಲಾಗುವುದು. ಯಾವುದೇ ಒತ್ತಡಕ್ಕೆ ಮಣಿಯದೆ ಪಾರದರ್ಶಕವಾಗಿ ತನಿಖೆ ನಡೆಯಬೇಕು ಎಂದು ಅವರು ಪ್ರತಿಪಾದಿಸಿದ್ದಾರೆ. ವಿರೋಧ ಪಕ್ಷಗಳು ಸಿಬಿಐ ತನಿಖೆಗೆ ಆಗ್ರಹಿಸಿವೆ. ರಾಜ್ಯ ಸರ್ಕಾರ ಈ ಬಗ್ಗೆ ಪರಿಶೀಲನೆ ನಡೆಸುತ್ತಿದೆ ಎಂದು ಮೂಲಗಳು ತಿಳಿಸಿವೆ.
ಟಿ20 ವಿಶ್ವಕಪ್‌ನಲ್ಲಿ ಭಾರತ ಜೊತೆಗಿನ ಪಂದ್ಯವನ್ನು ಬಹಿಷ್ಕರಿಸಿದ ಪಾಕ್
ಇಸ್ಲಾಮಾಬಾದ್- ಟಿ20 ವಿಶ್ವಕಪ್‌ನಲ್ಲಿ ಭಾರತದ ವಿರುದ್ಧದ ಪಂದ್ಯವನ್ನು ಬಹಿಷ್ಕರಿಸುವುದಾಗಿ ಪಾಕಿಸ್ತಾನ ಕ್ರಿಕೆಟ್ ಮಂಡಳಿ ಪ್ರಕಟಿಸಿದೆ. ಈ ಕುರಿತು ಐಸಿಸಿಗೆ ಅಧಿಕೃತವಾಗಿ ಮಾಹಿತಿ ನೀಡಲಾಗಿದೆ ಎಂದು ಹೇಳಿದೆ. ಮಂಡಳಿಯ ನಿರ್ಧಾರದಿಂದ ಕ್ರಿಕೆಟ್ ಅಭಿಮಾನಿಗಳಿಗೆ ನಿರಾಸೆಯಾಗಿದೆ. ವಿಶ್ವಕಪ್ ವೇಳಾಪಟ್ಟಿಯಲ್ಲಿ ಬದಲಾವಣೆ ಮಾಡಬೇಕಾಗಬಹುದು ಎನ್ನಲಾಗಿದೆ. ಐಸಿಸಿ ಈ ಬಗ್ಗೆ ಯಾವುದೇ ಅಧಿಕೃತ ಪ್ರತಿಕ್ರಿಯೆ ನೀಡಿಲ್ಲ. ಉಭಯ ದೇಶಗಳ ನಡುವಿನ ರಾಜಕೀಯ ಬಿಕ್ಕಟ್ಟೇ ಇದಕ್ಕೆ ಕಾರಣ ಎಂದು ವಿಶ್ಲೇಷಿಸಲಾಗಿದೆ. ಕ್ರೀಡೆಯನ್ನು ರಾಜಕೀಯದಿಂದ ದೂರವಿಡಬೇಕು ಎಂದು ಕ್ರಿಕೆಟ್ ಪ್ರೇಮಿಗಳು ಅಭಿಪ್ರಾಯಪಟ್ಟಿದ್ದಾರೆ.
ಇರ್ಫ್ ಬ್ರಿಯಾನ್ ಡೇವ್ ನಿಧನ
ಮೈಸೂರು,ಫೆ.2- ನಿವೃತ್ತ ಶಿಕ್ಷಕ ಹಾಗೂ ಸಮಾಜ ಸೇವಕ ಬ್ರಿಯಾನ್ ಡೇವ್ (67) ಸೋಮವಾರ ನಿಧನರಾದರು. ಅವರಿಗೆ ಪತ್ನಿ, ಇಬ್ಬರು ಪುತ್ರರು ಇದ್ದಾರೆ. ಅಂತ್ಯಕ್ರಿಯೆ ನಗರದ ಚರ್ಚ್ ಆವರಣದಲ್ಲಿ ನೆರವೇರಿತು. ಹಲವು ಗಣ್ಯರು ಅಂತಿಮ ನಮನ ಸಲ್ಲಿಸಿದರು.
